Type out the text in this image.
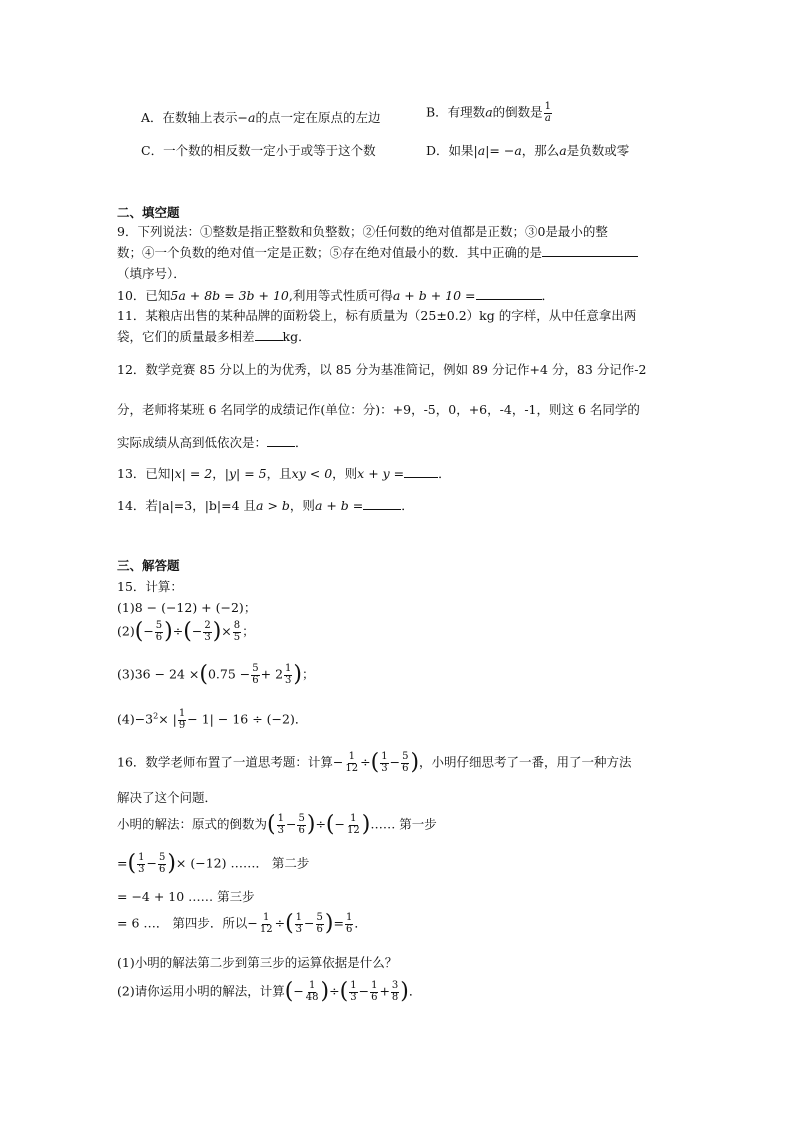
A．在数轴上表示−a的点一定在原点的左边	B．有理数a的倒数是 $\frac{1}{a}$
C．一个数的相反数一定小于或等于这个数	D．如果|a|= −a，那么a是负数或零
二、填空题
9．下列说法：①整数是指正整数和负整数；②任何数的绝对值都是正数；③0是最小的整
数；④一个负数的绝对值一定是正数；⑤存在绝对值最小的数．其中正确的是
（填序号）．
10．已知5a + 8b = 3b + 10,利用等式性质可得a + b + 10 =	．
11．某粮店出售的某种品牌的面粉袋上，标有质量为（25±0.2）kg 的字样，从中任意拿出两
袋，它们的质量最多相差 kg．
12．数学竞赛 85 分以上的为优秀，以 85 分为基准简记，例如 89 分记作+4 分，83 分记作-2
分，老师将某班 6 名同学的成绩记作(单位：分)：+9，-5，0，+6，-4，-1，则这 6 名同学的
实际成绩从高到低依次是： ．
13．已知|x| = 2，|y| = 5，且xy < 0，则x + y =	．
14．若|a|=3，|b|=4 且a > b，则a + b =	．
三、解答题
15．计算：
(1)8 − (−12) + (−2)；
$(2)(- \frac{5}{6}$ )÷(− $\frac{2}{3}$ )× $\frac{8}{5}$ ；
$(3)36 - 24 \times(0.75 - \frac{5}{6} + 2 \frac{1}{3}$ )；
$(4)-3^2\times$ | $\frac{1}{9} - 1| - 16 \div (-2)$．
16．数学老师布置了一道思考题：计算− $\frac{1}{12}$ ÷( $\frac{1}{3} - \frac{5}{6}$ )，小明仔细思考了一番，用了一种方法
解决了这个问题．
小明的解法：原式的倒数为( $\frac{1}{3} - \frac{5}{6}$ )÷(− $\frac{1}{12}$ )…… 第一步
=( $\frac{1}{3} - \frac{5}{6}$ )× (−12) ……． 第二步
= −4 + 10 …… 第三步
= 6 …． 第四步．所以− $\frac{1}{12}$ ÷( $\frac{1}{3} - \frac{5}{6}$ )= $\frac{1}{6}$ ．
(1)小明的解法第二步到第三步的运算依据是什么？
(2)请你运用小明的解法，计算(− $\frac{1}{48}$ )÷( $\frac{1}{3} - \frac{1}{6} + \frac{3}{8}$ )．
